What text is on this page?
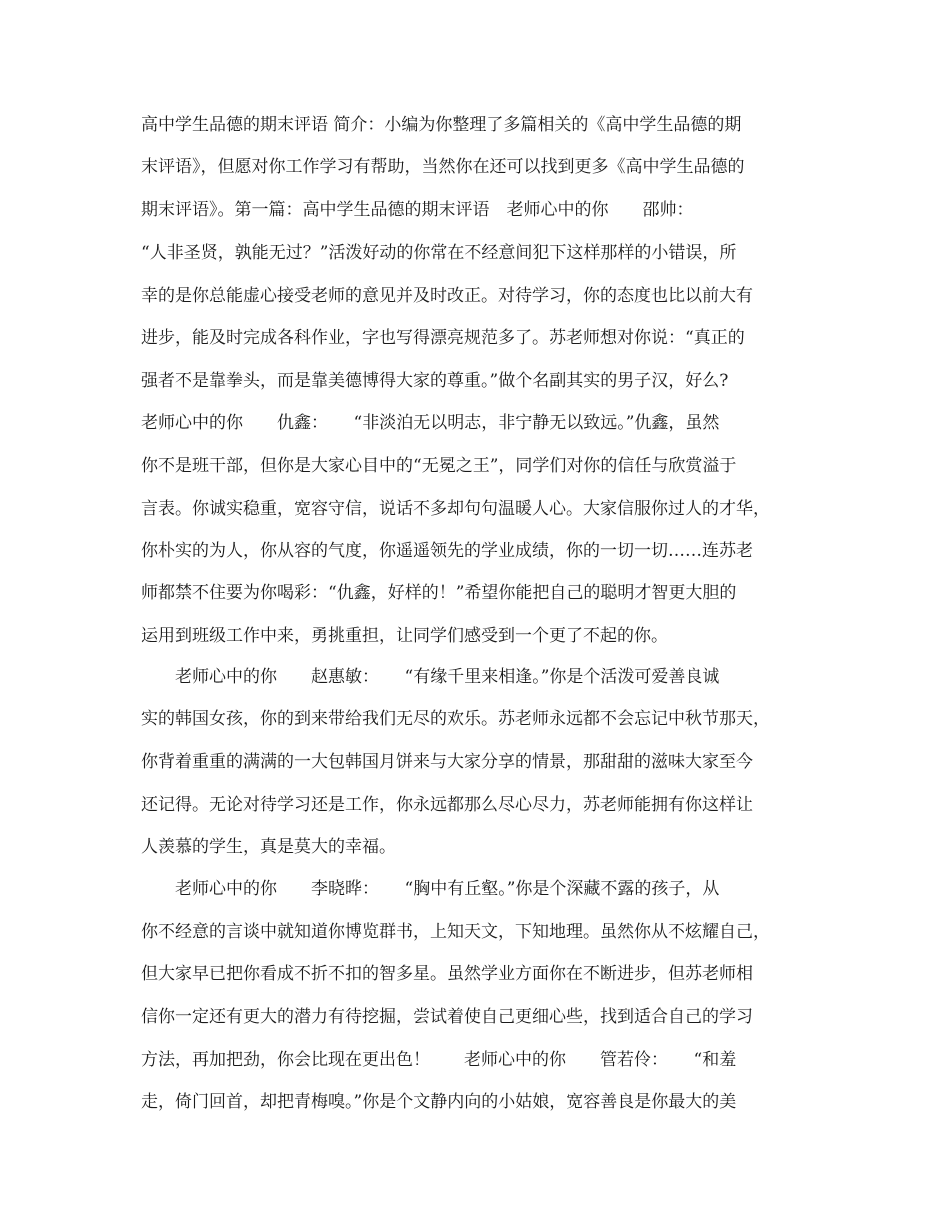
高中学生品德的期末评语 简介：小编为你整理了多篇相关的《高中学生品德的期
末评语》，但愿对你工作学习有帮助，当然你在还可以找到更多《高中学生品德的
期末评语》。第一篇：高中学生品德的期末评语　老师心中的你　　邵帅：
“人非圣贤，孰能无过？”活泼好动的你常在不经意间犯下这样那样的小错误，所
幸的是你总能虚心接受老师的意见并及时改正。对待学习，你的态度也比以前大有
进步，能及时完成各科作业，字也写得漂亮规范多了。苏老师想对你说：“真正的
强者不是靠拳头，而是靠美德博得大家的尊重。”做个名副其实的男子汉，好么?
老师心中的你　　仇鑫：　　“非淡泊无以明志，非宁静无以致远。”仇鑫，虽然
你不是班干部，但你是大家心目中的“无冕之王”，同学们对你的信任与欣赏溢于
言表。你诚实稳重，宽容守信，说话不多却句句温暖人心。大家信服你过人的才华，
你朴实的为人，你从容的气度，你遥遥领先的学业成绩，你的一切一切……连苏老
师都禁不住要为你喝彩：“仇鑫，好样的！”希望你能把自己的聪明才智更大胆的
运用到班级工作中来，勇挑重担，让同学们感受到一个更了不起的你。
　　老师心中的你　　赵惠敏：　　“有缘千里来相逢。”你是个活泼可爱善良诚
实的韩国女孩，你的到来带给我们无尽的欢乐。苏老师永远都不会忘记中秋节那天，
你背着重重的满满的一大包韩国月饼来与大家分享的情景，那甜甜的滋味大家至今
还记得。无论对待学习还是工作，你永远都那么尽心尽力，苏老师能拥有你这样让
人羡慕的学生，真是莫大的幸福。
　　老师心中的你　　李晓晔：　　“胸中有丘壑。”你是个深藏不露的孩子，从
你不经意的言谈中就知道你博览群书，上知天文，下知地理。虽然你从不炫耀自己，
但大家早已把你看成不折不扣的智多星。虽然学业方面你在不断进步，但苏老师相
信你一定还有更大的潜力有待挖掘，尝试着使自己更细心些，找到适合自己的学习
方法，再加把劲，你会比现在更出色！　　老师心中的你　　管若伶：　　“和羞
走，倚门回首，却把青梅嗅。”你是个文静内向的小姑娘，宽容善良是你最大的美
